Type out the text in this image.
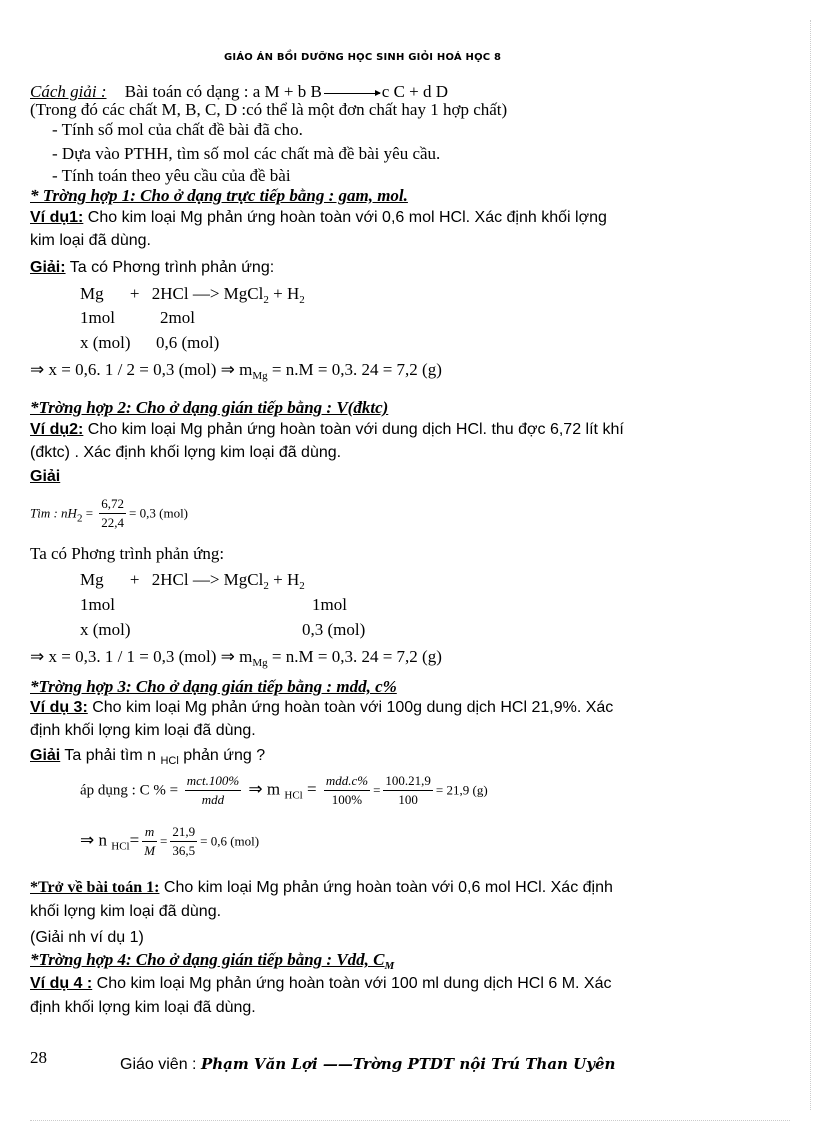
GIÁO ÁN BỒI DƯỠNG HỌC SINH GIỎI HOÁ HỌC 8
Cách giải : Bài toán có dạng : a M + b B → c C + d D
(Trong đó các chất M, B, C, D :có thể là một đơn chất hay 1 hợp chất)
- Tính số mol của chất đề bài đã cho.
- Dựa vào PTHH, tìm số mol các chất mà đề bài yêu cầu.
- Tính toán theo yêu cầu của đề bài
* Trờng hợp 1: Cho ở dạng trực tiếp bằng : gam, mol.
Ví dụ1: Cho kim loại Mg phản ứng hoàn toàn với 0,6 mol HCl. Xác định khối lợng
kim loại đã dùng.
Giải: Ta có Phơng trình phản ứng:
Mg + 2HCl —> MgCl$_2$ + $H_2$
1mol	2mol
x (mol) 0,6 (mol)
⇒ x = 0,6. 1 / 2 = 0,3 (mol) ⇒ $m_{Mg} = n.M = 0,3$. 24 = 7,2 (g)
*Trờng hợp 2: Cho ở dạng gián tiếp bằng : V(đktc)
Ví dụ2: Cho kim loại Mg phản ứng hoàn toàn với dung dịch HCl. thu đợc 6,72 lít khí
(đktc) . Xác định khối lợng kim loại đã dùng.
Giải
Tìm : $nH_2 = \frac{6,72}{22,4} = 0,3$ (mol)
Ta có Phơng trình phản ứng:
Mg + 2HCl —> MgCl$_2$ + $H_2$
1mol	1mol
x (mol)	0,3 (mol)
⇒ x = 0,3. 1 / 1 = 0,3 (mol) ⇒ $m_{Mg} = n.M = 0,3$. 24 = 7,2 (g)
*Trờng hợp 3: Cho ở dạng gián tiếp bằng : mdd, c%
Ví dụ 3: Cho kim loại Mg phản ứng hoàn toàn với 100g dung dịch HCl 21,9%. Xác
định khối lợng kim loại đã dùng.
Giải Ta phải tìm n $_{HCl}$ phản ứng ?
áp dụng : C % = $\frac{\text{mct.100\%}}{\text{mdd}}$ ⇒ m $_{HCl} = \frac{\text{mdd.c\%}}{100\%} = \frac{100.21,9}{100} = 21,9$ (g)
⇒ n $_{HCl}= \frac{m}{M} = \frac{21,9}{36,5} = 0,6$ (mol)
*Trở về bài toán 1: Cho kim loại Mg phản ứng hoàn toàn với 0,6 mol HCl. Xác định
khối lợng kim loại đã dùng.
(Giải nh ví dụ 1)
*Trờng hợp 4: Cho ở dạng gián tiếp bằng : Vdd, $C_M$
Ví dụ 4 : Cho kim loại Mg phản ứng hoàn toàn với 100 ml dung dịch HCl 6 M. Xác
định khối lợng kim loại đã dùng.
28	Giáo viên : Phạm Văn Lợi ——Trờng PTDT nội Trú Than Uyên
